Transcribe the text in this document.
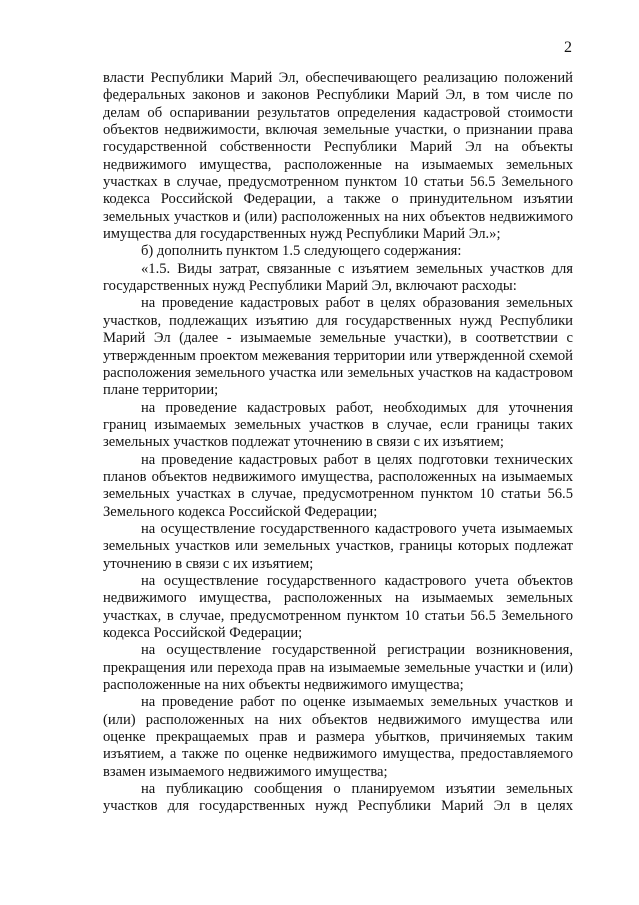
2

власти Республики Марий Эл, обеспечивающего реализацию положений федеральных законов и законов Республики Марий Эл, в том числе по делам об оспаривании результатов определения кадастровой стоимости объектов недвижимости, включая земельные участки, о признании права государственной собственности Республики Марий Эл на объекты недвижимого имущества, расположенные на изымаемых земельных участках в случае, предусмотренном пунктом 10 статьи 56.5 Земельного кодекса Российской Федерации, а также о принудительном изъятии земельных участков и (или) расположенных на них объектов недвижимого имущества для государственных нужд Республики Марий Эл.»;

б) дополнить пунктом 1.5 следующего содержания:

«1.5. Виды затрат, связанные с изъятием земельных участков для государственных нужд Республики Марий Эл, включают расходы:

на проведение кадастровых работ в целях образования земельных участков, подлежащих изъятию для государственных нужд Республики Марий Эл (далее - изымаемые земельные участки), в соответствии с утвержденным проектом межевания территории или утвержденной схемой расположения земельного участка или земельных участков на кадастровом плане территории;

на проведение кадастровых работ, необходимых для уточнения границ изымаемых земельных участков в случае, если границы таких земельных участков подлежат уточнению в связи с их изъятием;

на проведение кадастровых работ в целях подготовки технических планов объектов недвижимого имущества, расположенных на изымаемых земельных участках в случае, предусмотренном пунктом 10 статьи 56.5 Земельного кодекса Российской Федерации;

на осуществление государственного кадастрового учета изымаемых земельных участков или земельных участков, границы которых подлежат уточнению в связи с их изъятием;

на осуществление государственного кадастрового учета объектов недвижимого имущества, расположенных на изымаемых земельных участках, в случае, предусмотренном пунктом 10 статьи 56.5 Земельного кодекса Российской Федерации;

на осуществление государственной регистрации возникновения, прекращения или перехода прав на изымаемые земельные участки и (или) расположенные на них объекты недвижимого имущества;

на проведение работ по оценке изымаемых земельных участков и (или) расположенных на них объектов недвижимого имущества или оценке прекращаемых прав и размера убытков, причиняемых таким изъятием, а также по оценке недвижимого имущества, предоставляемого взамен изымаемого недвижимого имущества;

на публикацию сообщения о планируемом изъятии земельных участков для государственных нужд Республики Марий Эл в целях
